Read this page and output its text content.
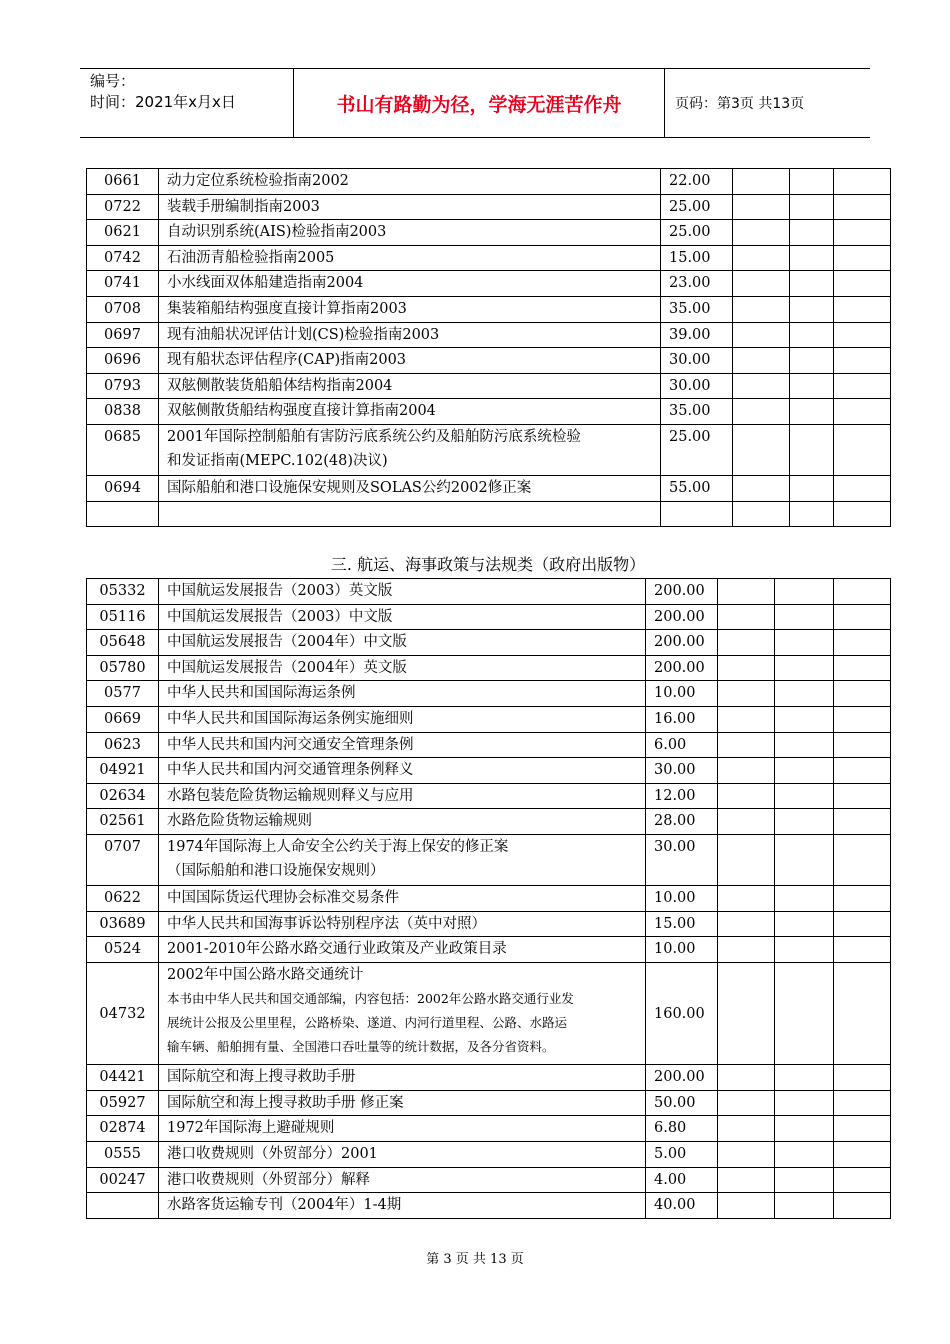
编号：
时间：2021年x月x日	书山有路勤为径，学海无涯苦作舟	页码：第3页 共13页
0661	动力定位系统检验指南2002	22.00			
0722	装载手册编制指南2003	25.00			
0621	自动识别系统(AIS)检验指南2003	25.00			
0742	石油沥青船检验指南2005	15.00			
0741	小水线面双体船建造指南2004	23.00			
0708	集装箱船结构强度直接计算指南2003	35.00			
0697	现有油船状况评估计划(CS)检验指南2003	39.00			
0696	现有船状态评估程序(CAP)指南2003	30.00			
0793	双舷侧散装货船船体结构指南2004	30.00			
0838	双舷侧散货船结构强度直接计算指南2004	35.00			
0685	2001年国际控制船舶有害防污底系统公约及船舶防污底系统检验
和发证指南(MEPC.102(48)决议)	25.00			
0694	国际船舶和港口设施保安规则及SOLAS公约2002修正案	55.00			

三. 航运、海事政策与法规类（政府出版物）
05332	中国航运发展报告（2003）英文版	200.00			
05116	中国航运发展报告（2003）中文版	200.00			
05648	中国航运发展报告（2004年）中文版	200.00			
05780	中国航运发展报告（2004年）英文版	200.00			
0577	中华人民共和国国际海运条例	10.00			
0669	中华人民共和国国际海运条例实施细则	16.00			
0623	中华人民共和国内河交通安全管理条例	6.00			
04921	中华人民共和国内河交通管理条例释义	30.00			
02634	水路包装危险货物运输规则释义与应用	12.00			
02561	水路危险货物运输规则	28.00			
0707	1974年国际海上人命安全公约关于海上保安的修正案
（国际船舶和港口设施保安规则）	30.00			
0622	中国国际货运代理协会标准交易条件	10.00			
03689	中华人民共和国海事诉讼特别程序法（英中对照）	15.00			
0524	2001-2010年公路水路交通行业政策及产业政策目录	10.00			
04732	2002年中国公路水路交通统计
本书由中华人民共和国交通部编，内容包括：2002年公路水路交通行业发
展统计公报及公里里程，公路桥染、遂道、内河行道里程、公路、水路运
输车辆、船舶拥有量、全国港口吞吐量等的统计数据，及各分省资料。	160.00			
04421	国际航空和海上搜寻救助手册	200.00			
05927	国际航空和海上搜寻救助手册 修正案	50.00			
02874	1972年国际海上避碰规则	6.80			
0555	港口收费规则（外贸部分）2001	5.00			
00247	港口收费规则（外贸部分）解释	4.00			

	水路客货运输专刊（2004年）1-4期	40.00			
第 3 页 共 13 页
